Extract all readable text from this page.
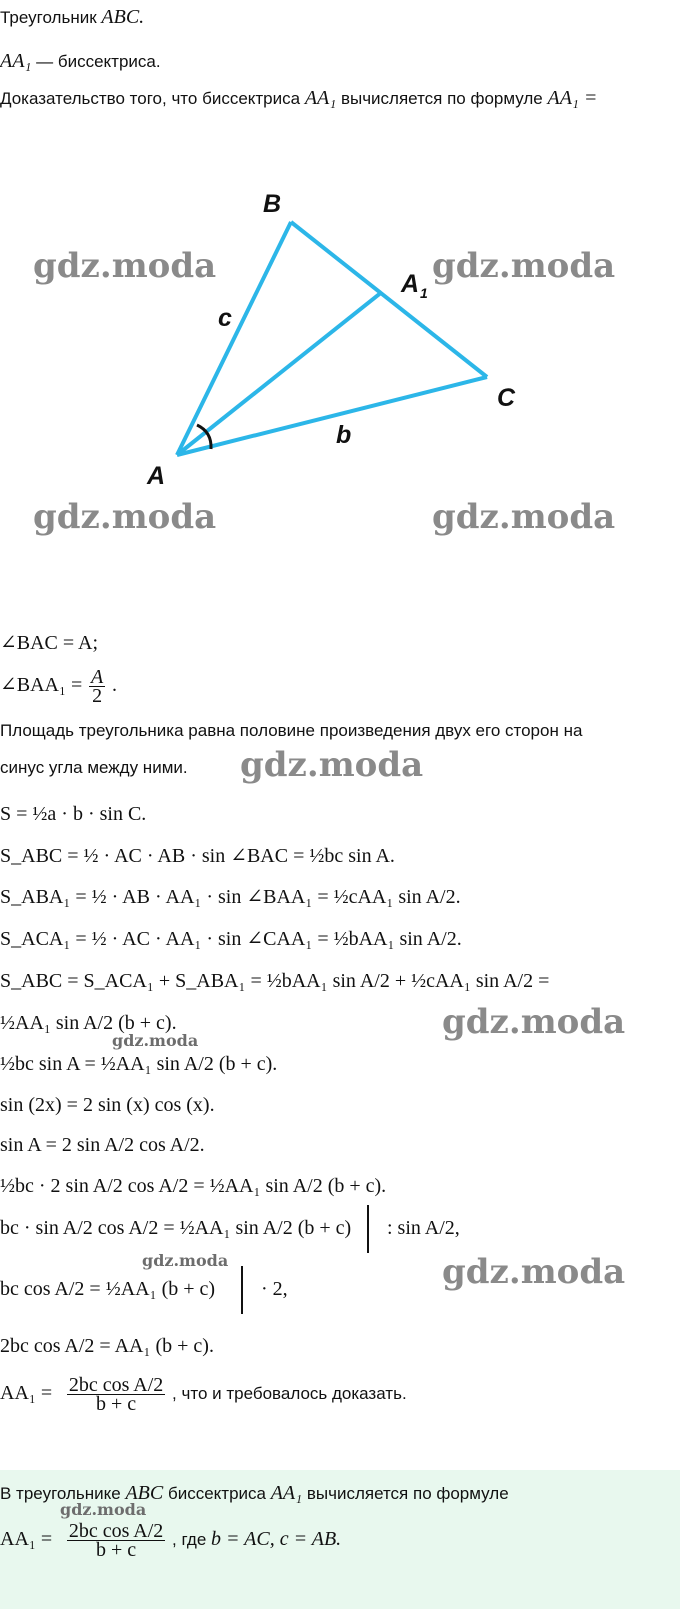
Треугольник ABC.
AA₁ — биссектриса.
Доказательство того, что биссектриса AA₁ вычисляется по формуле AA₁ =
B
A 1
c
C
b
A
gdz.moda	gdz.moda
gdz.moda	gdz.moda
gdz.moda
gdz.moda
gdz.moda
gdz.moda
gdz.moda
∠BAC = A;
∠BAA₁ = $\frac{A}{2}$ .
Площадь треугольника равна половине произведения двух его сторон на
синус угла между ними.
S = ½a · b · sin C.
S_ABC = ½ · AC · AB · sin ∠BAC = ½bc sin A.
S_ABA₁ = ½ · AB · AA₁ · sin ∠BAA₁ = ½cAA₁ sin A/2.
S_ACA₁ = ½ · AC · AA₁ · sin ∠CAA₁ = ½bAA₁ sin A/2.
S_ABC = S_ACA₁ + S_ABA₁ = ½bAA₁ sin A/2 + ½cAA₁ sin A/2 =
½AA₁ sin A/2 (b + c).
½bc sin A = ½AA₁ sin A/2 (b + c).
sin (2x) = 2 sin (x) cos (x).
sin A = 2 sin A/2 cos A/2.
½bc · 2 sin A/2 cos A/2 = ½AA₁ sin A/2 (b + c).
bc · sin A/2 cos A/2 = ½AA₁ sin A/2 (b + c) : sin A/2,
bc cos A/2 = ½AA₁ (b + c) · 2,
2bc cos A/2 = AA₁ (b + c).
$AA_1 = \frac{\text{2bc cos A/2}}{b + c}$ , что и требовалось доказать.
В треугольнике ABC биссектриса AA₁ вычисляется по формуле
gdz.moda
$AA_1 = \frac{\text{2bc cos A/2}}{b + c}$ , где b = AC, c = AB.
